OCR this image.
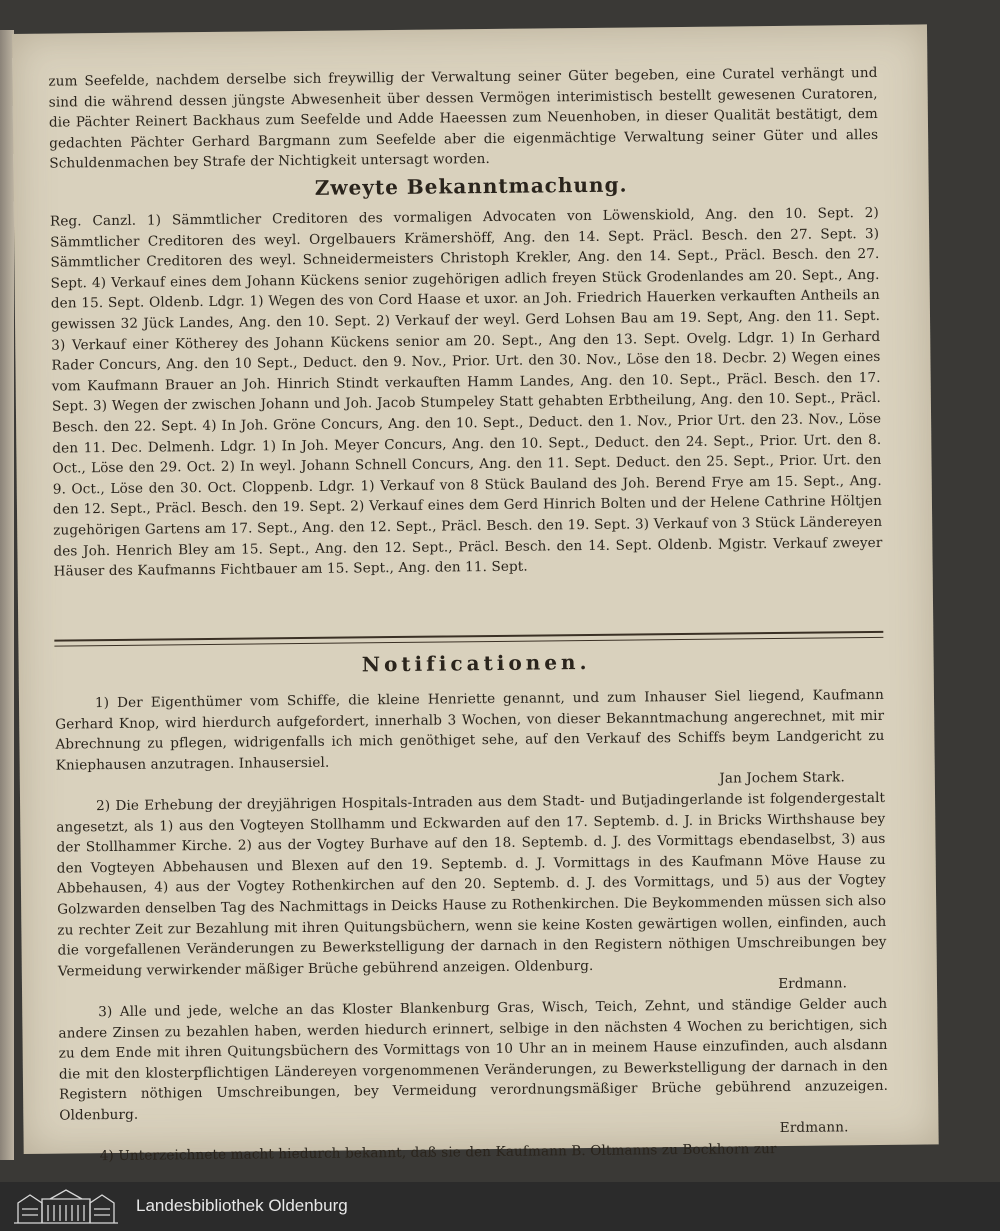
zum Seefelde, nachdem derselbe sich freywillig der Verwaltung seiner Güter begeben, eine Curatel verhängt und sind die während dessen jüngste Abwesenheit über dessen Vermögen interimistisch bestellt gewesenen Curatoren, die Pächter Reinert Backhaus zum Seefelde und Adde Haeessen zum Neuenhoben, in dieser Qualität bestätigt, dem gedachten Pächter Gerhard Bargmann zum Seefelde aber die eigenmächtige Verwaltung seiner Güter und alles Schuldenmachen bey Strafe der Nichtigkeit untersagt worden.

Zweyte Bekanntmachung.

Reg. Canzl. 1) Sämmtlicher Creditoren des vormaligen Advocaten von Löwenskiold, Ang. den 10. Sept. 2) Sämmtlicher Creditoren des weyl. Orgelbauers Krämershöff, Ang. den 14. Sept. Präcl. Besch. den 27. Sept. 3) Sämmtlicher Creditoren des weyl. Schneidermeisters Christoph Krekler, Ang. den 14. Sept., Präcl. Besch. den 27. Sept. 4) Verkauf eines dem Johann Kückens senior zugehörigen adlich freyen Stück Grodenlandes am 20. Sept., Ang. den 15. Sept. Oldenb. Ldgr. 1) Wegen des von Cord Haase et uxor. an Joh. Friedrich Hauerken verkauften Antheils an gewissen 32 Jück Landes, Ang. den 10. Sept. 2) Verkauf der weyl. Gerd Lohsen Bau am 19. Sept, Ang. den 11. Sept. 3) Verkauf einer Kötherey des Johann Kückens senior am 20. Sept., Ang den 13. Sept. Ovelg. Ldgr. 1) In Gerhard Rader Concurs, Ang. den 10 Sept., Deduct. den 9. Nov., Prior. Urt. den 30. Nov., Löse den 18. Decbr. 2) Wegen eines vom Kaufmann Brauer an Joh. Hinrich Stindt verkauften Hamm Landes, Ang. den 10. Sept., Präcl. Besch. den 17. Sept. 3) Wegen der zwischen Johann und Joh. Jacob Stumpeley Statt gehabten Erbtheilung, Ang. den 10. Sept., Präcl. Besch. den 22. Sept. 4) In Joh. Gröne Concurs, Ang. den 10. Sept., Deduct. den 1. Nov., Prior Urt. den 23. Nov., Löse den 11. Dec. Delmenh. Ldgr. 1) In Joh. Meyer Concurs, Ang. den 10. Sept., Deduct. den 24. Sept., Prior. Urt. den 8. Oct., Löse den 29. Oct. 2) In weyl. Johann Schnell Concurs, Ang. den 11. Sept. Deduct. den 25. Sept., Prior. Urt. den 9. Oct., Löse den 30. Oct. Cloppenb. Ldgr. 1) Verkauf von 8 Stück Bauland des Joh. Berend Frye am 15. Sept., Ang. den 12. Sept., Präcl. Besch. den 19. Sept. 2) Verkauf eines dem Gerd Hinrich Bolten und der Helene Cathrine Höltjen zugehörigen Gartens am 17. Sept., Ang. den 12. Sept., Präcl. Besch. den 19. Sept. 3) Verkauf von 3 Stück Ländereyen des Joh. Henrich Bley am 15. Sept., Ang. den 12. Sept., Präcl. Besch. den 14. Sept. Oldenb. Mgistr. Verkauf zweyer Häuser des Kaufmanns Fichtbauer am 15. Sept., Ang. den 11. Sept.

Notificationen.

1) Der Eigenthümer vom Schiffe, die kleine Henriette genannt, und zum Inhauser Siel liegend, Kaufmann Gerhard Knop, wird hierdurch aufgefordert, innerhalb 3 Wochen, von dieser Bekanntmachung angerechnet, mit mir Abrechnung zu pflegen, widrigenfalls ich mich genöthiget sehe, auf den Verkauf des Schiffs beym Landgericht zu Kniephausen anzutragen. Inhausersiel.
Jan Jochem Stark.

2) Die Erhebung der dreyjährigen Hospitals-Intraden aus dem Stadt- und Butjadingerlande ist folgendergestalt angesetzt, als 1) aus den Vogteyen Stollhamm und Eckwarden auf den 17. Septemb. d. J. in Bricks Wirthshause bey der Stollhammer Kirche. 2) aus der Vogtey Burhave auf den 18. Septemb. d. J. des Vormittags ebendaselbst, 3) aus den Vogteyen Abbehausen und Blexen auf den 19. Septemb. d. J. Vormittags in des Kaufmann Möve Hause zu Abbehausen, 4) aus der Vogtey Rothenkirchen auf den 20. Septemb. d. J. des Vormittags, und 5) aus der Vogtey Golzwarden denselben Tag des Nachmittags in Deicks Hause zu Rothenkirchen. Die Beykommenden müssen sich also zu rechter Zeit zur Bezahlung mit ihren Quitungsbüchern, wenn sie keine Kosten gewärtigen wollen, einfinden, auch die vorgefallenen Veränderungen zu Bewerkstelligung der darnach in den Registern nöthigen Umschreibungen bey Vermeidung verwirkender mäßiger Brüche gebührend anzeigen. Oldenburg.
Erdmann.

3) Alle und jede, welche an das Kloster Blankenburg Gras, Wisch, Teich, Zehnt, und ständige Gelder auch andere Zinsen zu bezahlen haben, werden hiedurch erinnert, selbige in den nächsten 4 Wochen zu berichtigen, sich zu dem Ende mit ihren Quitungsbüchern des Vormittags von 10 Uhr an in meinem Hause einzufinden, auch alsdann die mit den klosterpflichtigen Ländereyen vorgenommenen Veränderungen, zu Bewerkstelligung der darnach in den Registern nöthigen Umschreibungen, bey Vermeidung verordnungsmäßiger Brüche gebührend anzuzeigen. Oldenburg.
Erdmann.

4) Unterzeichnete macht hiedurch bekannt, daß sie den Kaufmann B. Oltmanns zu Bockhorn zur

Landesbibliothek Oldenburg
